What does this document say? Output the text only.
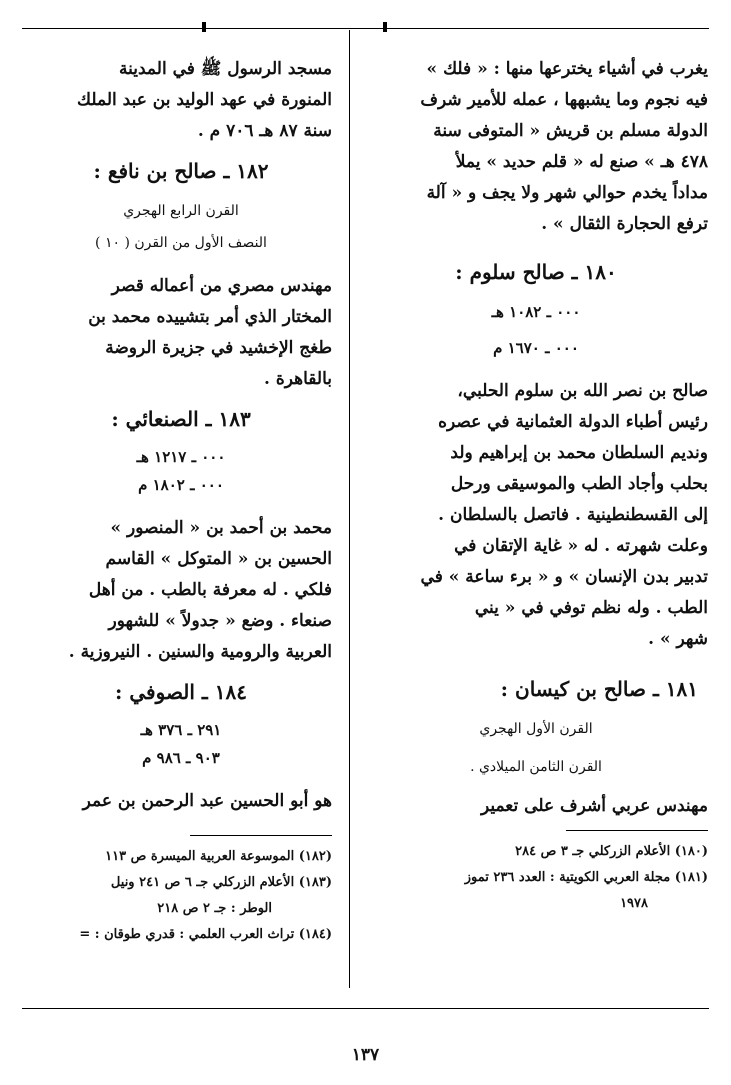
يغرب في أشياء يخترعها منها : « فلك »

فيه نجوم وما يشبهها ، عمله للأمير شرف

الدولة مسلم بن قريش « المتوفى سنة

٤٧٨ هـ » صنع له « قلم حديد » يملأ

مداداً يخدم حوالي شهر ولا يجف و « آلة

ترفع الحجارة الثقال » .

١٨٠ ـ صالح سلوم :

٠٠٠ ـ ١٠٨٢ هـ

٠٠٠ ـ ١٦٧٠ م

صالح بن نصر الله بن سلوم الحلبي،

رئيس أطباء الدولة العثمانية في عصره

ونديم السلطان محمد بن إبراهيم ولد

بحلب وأجاد الطب والموسيقى ورحل

إلى القسطنطينية . فاتصل بالسلطان .

وعلت شهرته . له « غاية الإتقان في

تدبير بدن الإنسان » و « برء ساعة » في

الطب . وله نظم توفي في « يني

شهر » .

١٨١ ـ صالح بن كيسان :

القرن الأول الهجري

القرن الثامن الميلادي .

مهندس عربي أشرف على تعمير

(١٨٠) الأعلام الزركلي جـ ٣ ص ٢٨٤

(١٨١) مجلة العربي الكويتية : العدد ٢٣٦ تموز

١٩٧٨

مسجد الرسول ﷺ في المدينة

المنورة في عهد الوليد بن عبد الملك

سنة ٨٧ هـ ٧٠٦ م .

١٨٢ ـ صالح بن نافع :

القرن الرابع الهجري

النصف الأول من القرن ( ١٠ )

مهندس مصري من أعماله قصر

المختار الذي أمر بتشييده محمد بن

طغج الإخشيد في جزيرة الروضة

بالقاهرة .

١٨٣ ـ الصنعائي :

٠٠٠ ـ ١٢١٧ هـ

٠٠٠ ـ ١٨٠٢ م

محمد بن أحمد بن « المنصور »

الحسين بن « المتوكل » القاسم

فلكي . له معرفة بالطب . من أهل

صنعاء . وضع « جدولاً » للشهور

العربية والرومية والسنين . النيروزية .

١٨٤ ـ الصوفي :

٢٩١ ـ ٣٧٦ هـ

٩٠٣ ـ ٩٨٦ م

هو أبو الحسين عبد الرحمن بن عمر

(١٨٢) الموسوعة العربية الميسرة ص ١١٣

(١٨٣) الأعلام الزركلي جـ ٦ ص ٢٤١ ونيل

الوطر : جـ ٢ ص ٢١٨

(١٨٤) تراث العرب العلمي : قدري طوقان : =

١٣٧
